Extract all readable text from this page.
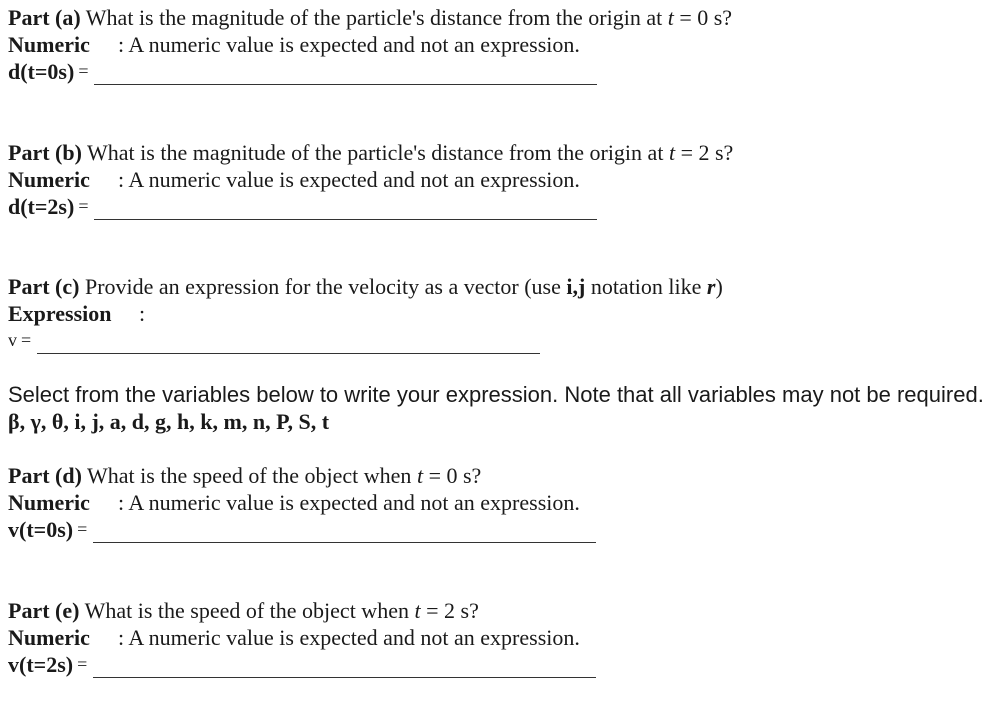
Part (a) What is the magnitude of the particle's distance from the origin at t = 0 s?
Numeric : A numeric value is expected and not an expression.
d(t=0s) =
Part (b) What is the magnitude of the particle's distance from the origin at t = 2 s?
Numeric : A numeric value is expected and not an expression.
d(t=2s) =
Part (c) Provide an expression for the velocity as a vector (use i,j notation like r)
Expression :
v =
Select from the variables below to write your expression. Note that all variables may not be required.
β, γ, θ, i, j, a, d, g, h, k, m, n, P, S, t
Part (d) What is the speed of the object when t = 0 s?
Numeric : A numeric value is expected and not an expression.
v(t=0s) =
Part (e) What is the speed of the object when t = 2 s?
Numeric : A numeric value is expected and not an expression.
v(t=2s) =
